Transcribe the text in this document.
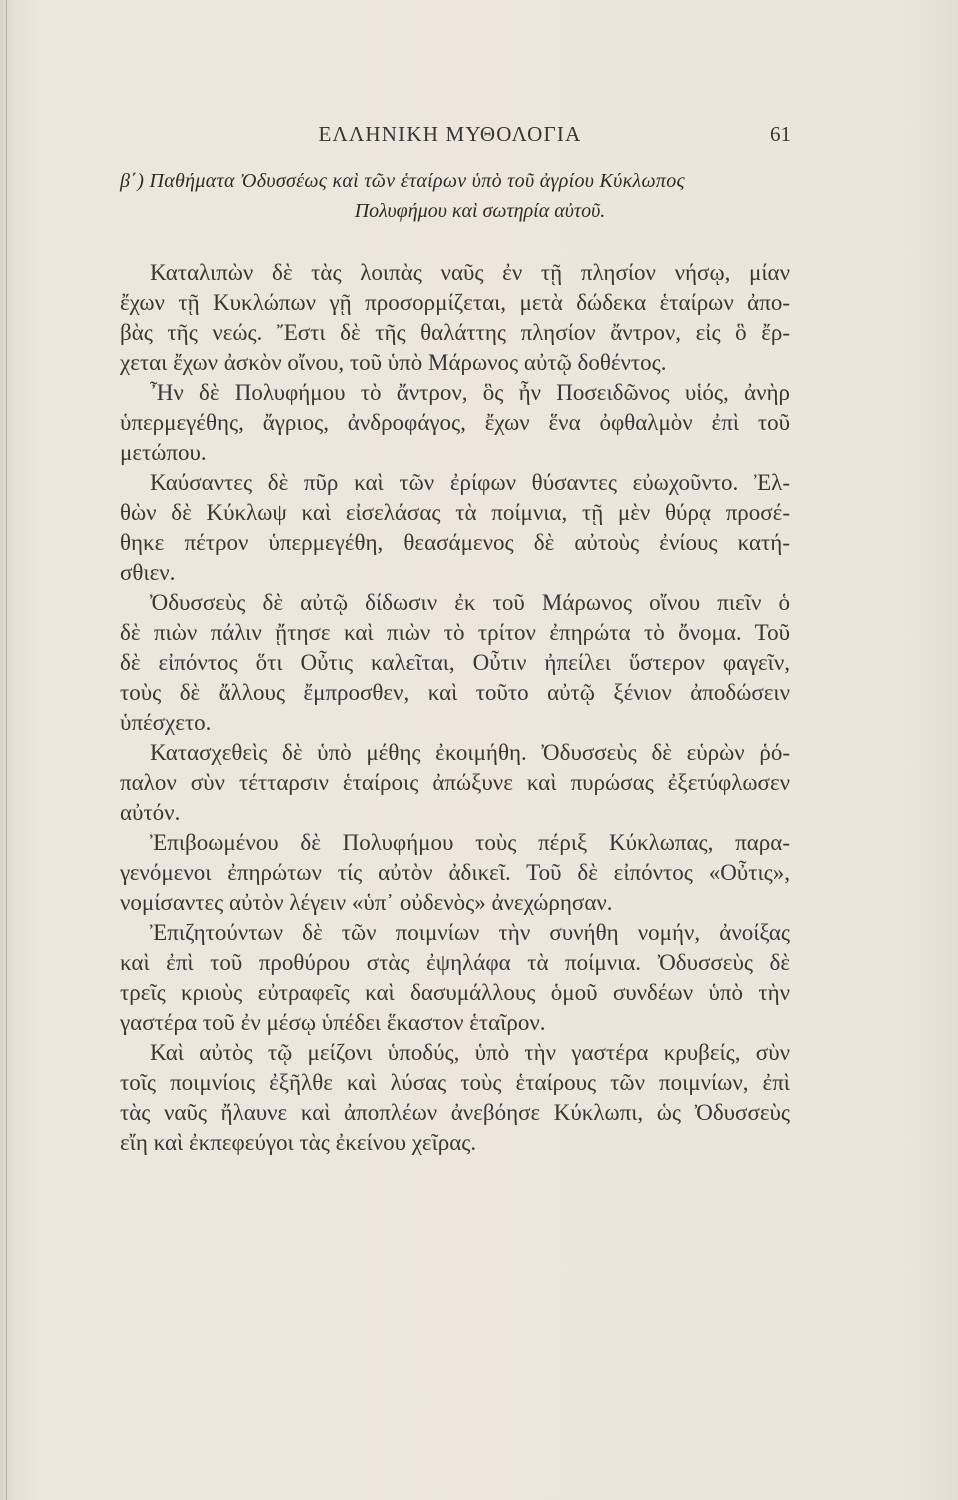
ΕΛΛΗΝΙΚΗ ΜΥΘΟΛΟΓΙΑ	61
β΄) Παθήματα Ὀδυσσέως καὶ τῶν ἑταίρων ὑπὸ τοῦ ἀγρίου Κύκλωπος
Πολυφήμου καὶ σωτηρία αὐτοῦ.
Καταλιπὼν δὲ τὰς λοιπὰς ναῦς ἐν τῇ πλησίον νήσῳ, μίαν
ἔχων τῇ Κυκλώπων γῇ προσορμίζεται, μετὰ δώδεκα ἑταίρων ἀπο-
βὰς τῆς νεώς. Ἔστι δὲ τῆς θαλάττης πλησίον ἄντρον, εἰς ὃ ἔρ-
χεται ἔχων ἀσκὸν οἴνου, τοῦ ὑπὸ Μάρωνος αὐτῷ δοθέντος.
Ἦν δὲ Πολυφήμου τὸ ἄντρον, ὃς ἦν Ποσειδῶνος υἱός, ἀνὴρ
ὑπερμεγέθης, ἄγριος, ἀνδροφάγος, ἔχων ἕνα ὀφθαλμὸν ἐπὶ τοῦ
μετώπου.
Καύσαντες δὲ πῦρ καὶ τῶν ἐρίφων θύσαντες εὐωχοῦντο. Ἐλ-
θὼν δὲ Κύκλωψ καὶ εἰσελάσας τὰ ποίμνια, τῇ μὲν θύρᾳ προσέ-
θηκε πέτρον ὑπερμεγέθη, θεασάμενος δὲ αὐτοὺς ἐνίους κατή-
σθιεν.
Ὀδυσσεὺς δὲ αὐτῷ δίδωσιν ἐκ τοῦ Μάρωνος οἴνου πιεῖν ὁ
δὲ πιὼν πάλιν ᾔτησε καὶ πιὼν τὸ τρίτον ἐπηρώτα τὸ ὄνομα. Τοῦ
δὲ εἰπόντος ὅτι Οὖτις καλεῖται, Οὖτιν ἠπείλει ὕστερον φαγεῖν,
τοὺς δὲ ἄλλους ἔμπροσθεν, καὶ τοῦτο αὐτῷ ξένιον ἀποδώσειν
ὑπέσχετο.
Κατασχεθεὶς δὲ ὑπὸ μέθης ἐκοιμήθη. Ὀδυσσεὺς δὲ εὑρὼν ῥό-
παλον σὺν τέτταρσιν ἑταίροις ἀπώξυνε καὶ πυρώσας ἐξετύφλωσεν
αὐτόν.
Ἐπιβοωμένου δὲ Πολυφήμου τοὺς πέριξ Κύκλωπας, παρα-
γενόμενοι ἐπηρώτων τίς αὐτὸν ἀδικεῖ. Τοῦ δὲ εἰπόντος «Οὖτις»,
νομίσαντες αὐτὸν λέγειν «ὑπ᾽ οὐδενὸς» ἀνεχώρησαν.
Ἐπιζητούντων δὲ τῶν ποιμνίων τὴν συνήθη νομήν, ἀνοίξας
καὶ ἐπὶ τοῦ προθύρου στὰς ἐψηλάφα τὰ ποίμνια. Ὀδυσσεὺς δὲ
τρεῖς κριοὺς εὐτραφεῖς καὶ δασυμάλλους ὁμοῦ συνδέων ὑπὸ τὴν
γαστέρα τοῦ ἐν μέσῳ ὑπέδει ἕκαστον ἑταῖρον.
Καὶ αὐτὸς τῷ μείζονι ὑποδύς, ὑπὸ τὴν γαστέρα κρυβείς, σὺν
τοῖς ποιμνίοις ἐξῆλθε καὶ λύσας τοὺς ἑταίρους τῶν ποιμνίων, ἐπὶ
τὰς ναῦς ἤλαυνε καὶ ἀποπλέων ἀνεβόησε Κύκλωπι, ὡς Ὀδυσσεὺς
εἴη καὶ ἐκπεφεύγοι τὰς ἐκείνου χεῖρας.
